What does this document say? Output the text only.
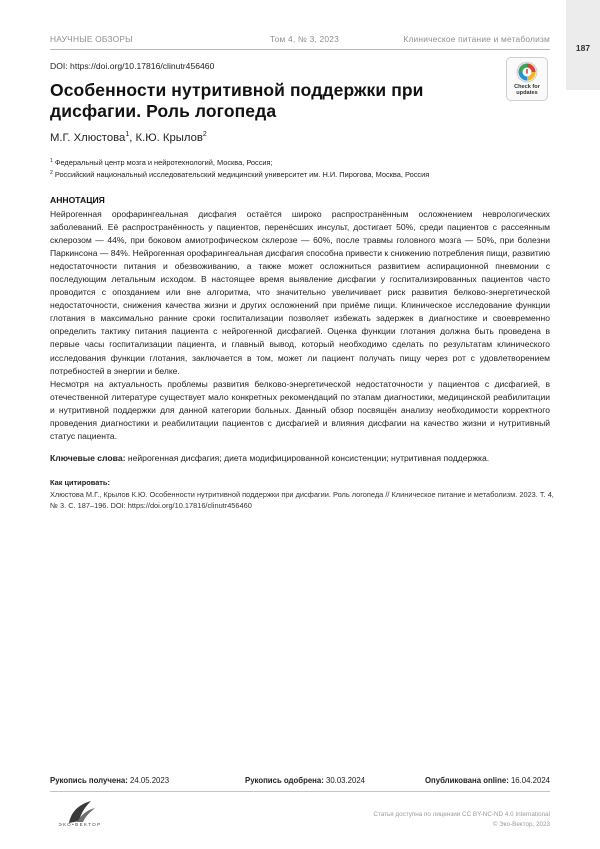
НАУЧНЫЕ ОБЗОРЫ	Том 4, № 3, 2023	Клиническое питание и метаболизм
187
DOI: https://doi.org/10.17816/clinutr456460
Check for
updates
Особенности нутритивной поддержки при дисфагии. Роль логопеда
М.Г. Хлюстова$^1$, К.Ю. Крылов$^2$
$^1$ Федеральный центр мозга и нейротехнологий, Москва, Россия;
$^2$ Российский национальный исследовательский медицинский университет им. Н.И. Пирогова, Москва, Россия
АННОТАЦИЯ

Нейрогенная орофарингеальная дисфагия остаётся широко распространённым осложнением неврологических заболеваний. Её распространённость у пациентов, перенёсших инсульт, достигает 50%, среди пациентов с рассеянным склерозом — 44%, при боковом амиотрофическом склерозе — 60%, после травмы головного мозга — 50%, при болезни Паркинсона — 84%. Нейрогенная орофарингеальная дисфагия способна привести к снижению потребления пищи, развитию недостаточности питания и обезвоживанию, а также может осложниться развитием аспирационной пневмонии с последующим летальным исходом. В настоящее время выявление дисфагии у госпитализированных пациентов часто проводится с опозданием или вне алгоритма, что значительно увеличивает риск развития белково-энергетической недостаточности, снижения качества жизни и других осложнений при приёме пищи. Клиническое исследование функции глотания в максимально ранние сроки госпитализации позволяет избежать задержек в диагностике и своевременно определить тактику питания пациента с нейрогенной дисфагией. Оценка функции глотания должна быть проведена в первые часы госпитализации пациента, и главный вывод, который необходимо сделать по результатам клинического исследования функции глотания, заключается в том, может ли пациент получать пищу через рот с удовлетворением потребностей в энергии и белке.

Несмотря на актуальность проблемы развития белково-энергетической недостаточности у пациентов с дисфагией, в отечественной литературе существует мало конкретных рекомендаций по этапам диагностики, медицинской реабилитации и нутритивной поддержки для данной категории больных. Данный обзор посвящён анализу необходимости корректного проведения диагностики и реабилитации пациентов с дисфагией и влияния дисфагии на качество жизни и нутритивный статус пациента.

Ключевые слова: нейрогенная дисфагия; диета модифицированной консистенции; нутритивная поддержка.
Как цитировать:
Хлюстова М.Г., Крылов К.Ю. Особенности нутритивной поддержки при дисфагии. Роль логопеда // Клиническое питание и метаболизм. 2023. Т. 4, № 3. С. 187–196. DOI: https://doi.org/10.17816/clinutr456460
Рукопись получена: 24.05.2023	Рукопись одобрена: 30.03.2024	Опубликована online: 16.04.2024
ЭКО•ВЕКТОР
Статья доступна по лицензии CC BY-NC-ND 4.0 International
© Эко-Вектор, 2023
